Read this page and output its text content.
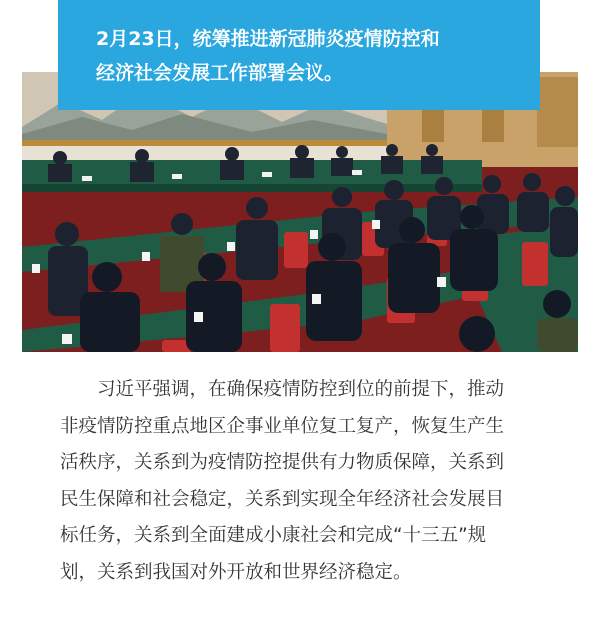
2月23日，统筹推进新冠肺炎疫情防控和
经济社会发展工作部署会议。

　　习近平强调，在确保疫情防控到位的前提下，推动

非疫情防控重点地区企事业单位复工复产，恢复生产生

活秩序，关系到为疫情防控提供有力物质保障，关系到

民生保障和社会稳定，关系到实现全年经济社会发展目

标任务，关系到全面建成小康社会和完成“十三五”规

划，关系到我国对外开放和世界经济稳定。
